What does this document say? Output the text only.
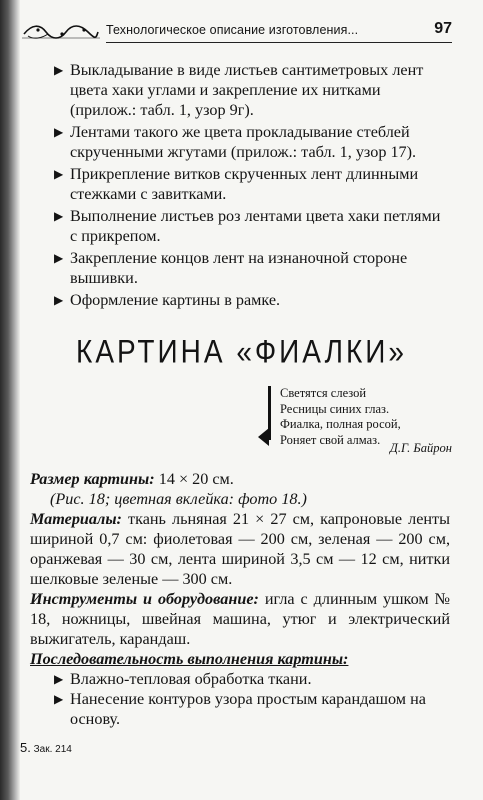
Технологическое описание изготовления...	97
▶ Выкладывание в виде листьев сантиметровых лент цвета хаки углами и закрепление их нитками (прилож.: табл. 1, узор 9г).
▶ Лентами такого же цвета прокладывание стеблей скрученными жгутами (прилож.: табл. 1, узор 17).
▶ Прикрепление витков скрученных лент длинными стежками с завитками.
▶ Выполнение листьев роз лентами цвета хаки петлями с прикрепом.
▶ Закрепление концов лент на изнаночной стороне вышивки.
▶ Оформление картины в рамке.
КАРТИНА «ФИАЛКИ»
Светятся слезой
Ресницы синих глаз.
Фиалка, полная росой,
Роняет свой алмаз.
Д.Г. Байрон

Размер картины: 14 × 20 см.

(Рис. 18; цветная вклейка: фото 18.)

Материалы: ткань льняная 21 × 27 см, капроновые ленты шириной 0,7 см: фиолетовая — 200 см, зеленая — 200 см, оранжевая — 30 см, лента шириной 3,5 см — 12 см, нитки шелковые зеленые — 300 см.

Инструменты и оборудование: игла с длинным ушком № 18, ножницы, швейная машина, утюг и электрический выжигатель, карандаш.

Последовательность выполнения картины:

▶ Влажно-тепловая обработка ткани.
▶ Нанесение контуров узора простым карандашом на основу.
5. Зак. 214
